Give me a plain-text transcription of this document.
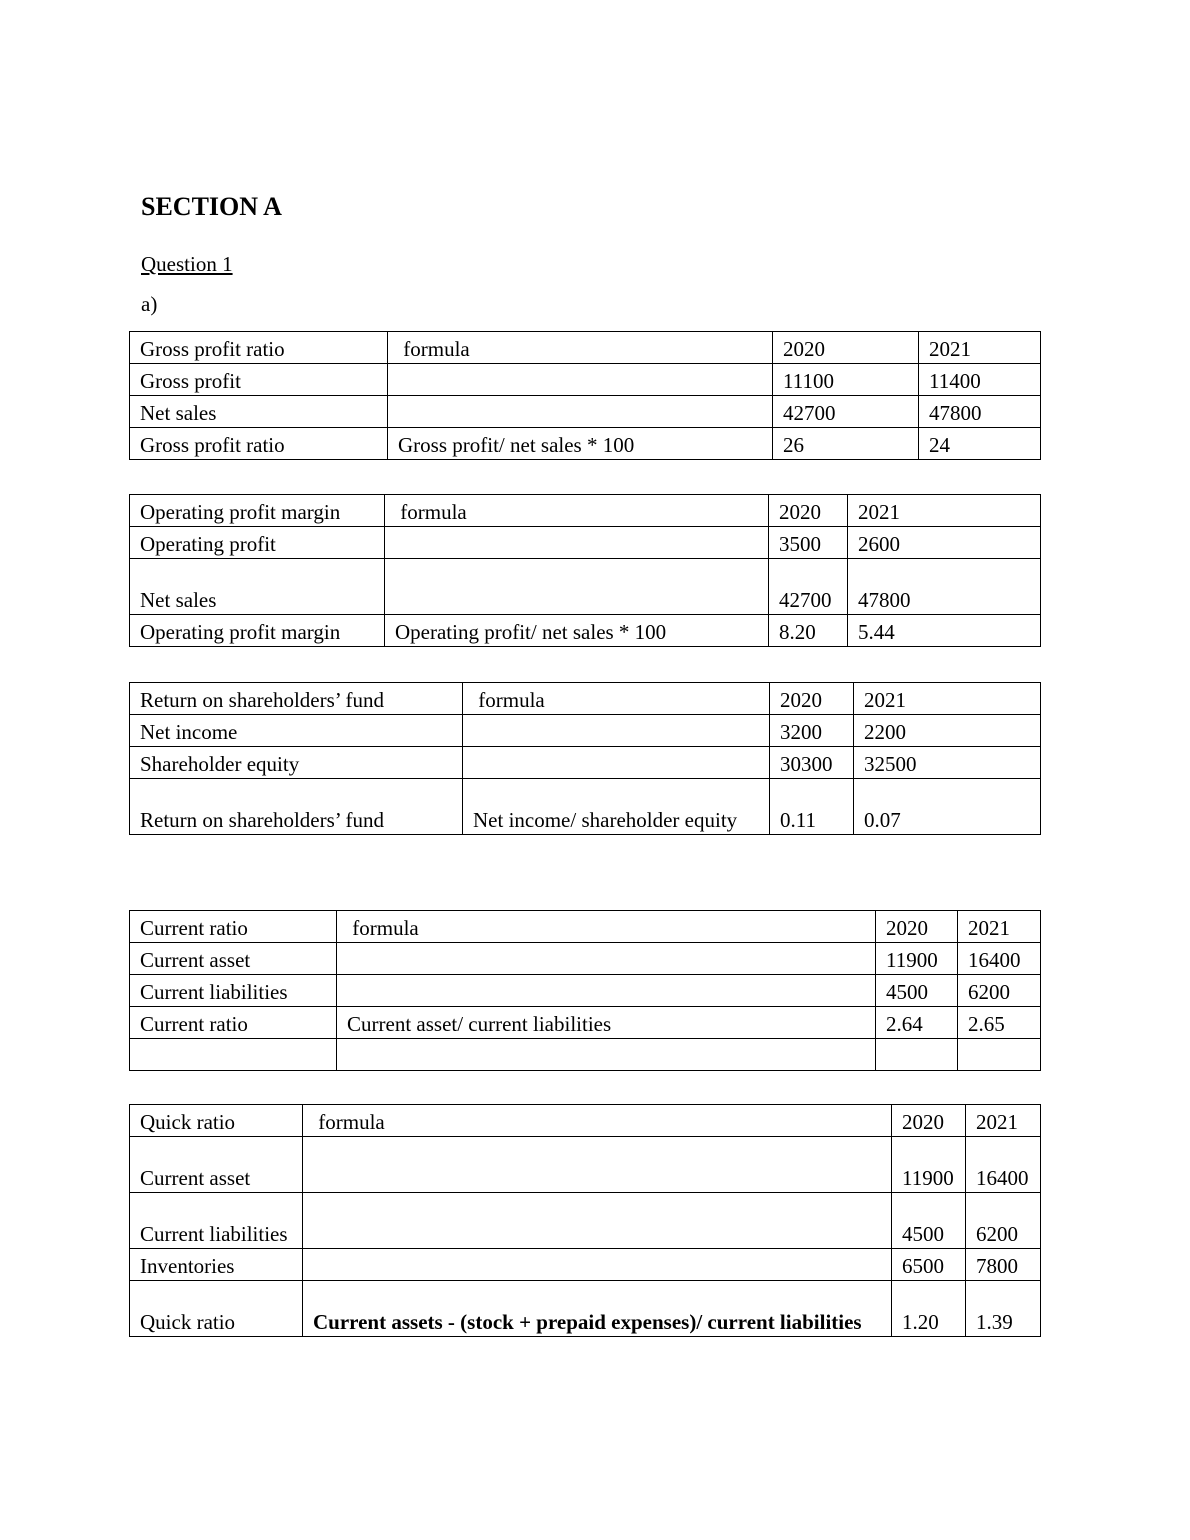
SECTION A
Question 1
a)
Gross profit ratio	formula	2020	2021
Gross profit		11100	11400
Net sales		42700	47800
Gross profit ratio	Gross profit/ net sales * 100	26	24
Operating profit margin	formula	2020	2021
Operating profit		3500	2600
Net sales		42700	47800
Operating profit margin	Operating profit/ net sales * 100	8.20	5.44
Return on shareholders’ fund	formula	2020	2021
Net income		3200	2200
Shareholder equity		30300	32500
Return on shareholders’ fund	Net income/ shareholder equity	0.11	0.07
Current ratio	formula	2020	2021
Current asset		11900	16400
Current liabilities		4500	6200
Current ratio	Current asset/ current liabilities	2.64	2.65

Quick ratio	formula	2020	2021
Current asset		11900	16400
Current liabilities		4500	6200
Inventories		6500	7800
Quick ratio	Current assets - (stock + prepaid expenses)/ current liabilities	1.20	1.39
